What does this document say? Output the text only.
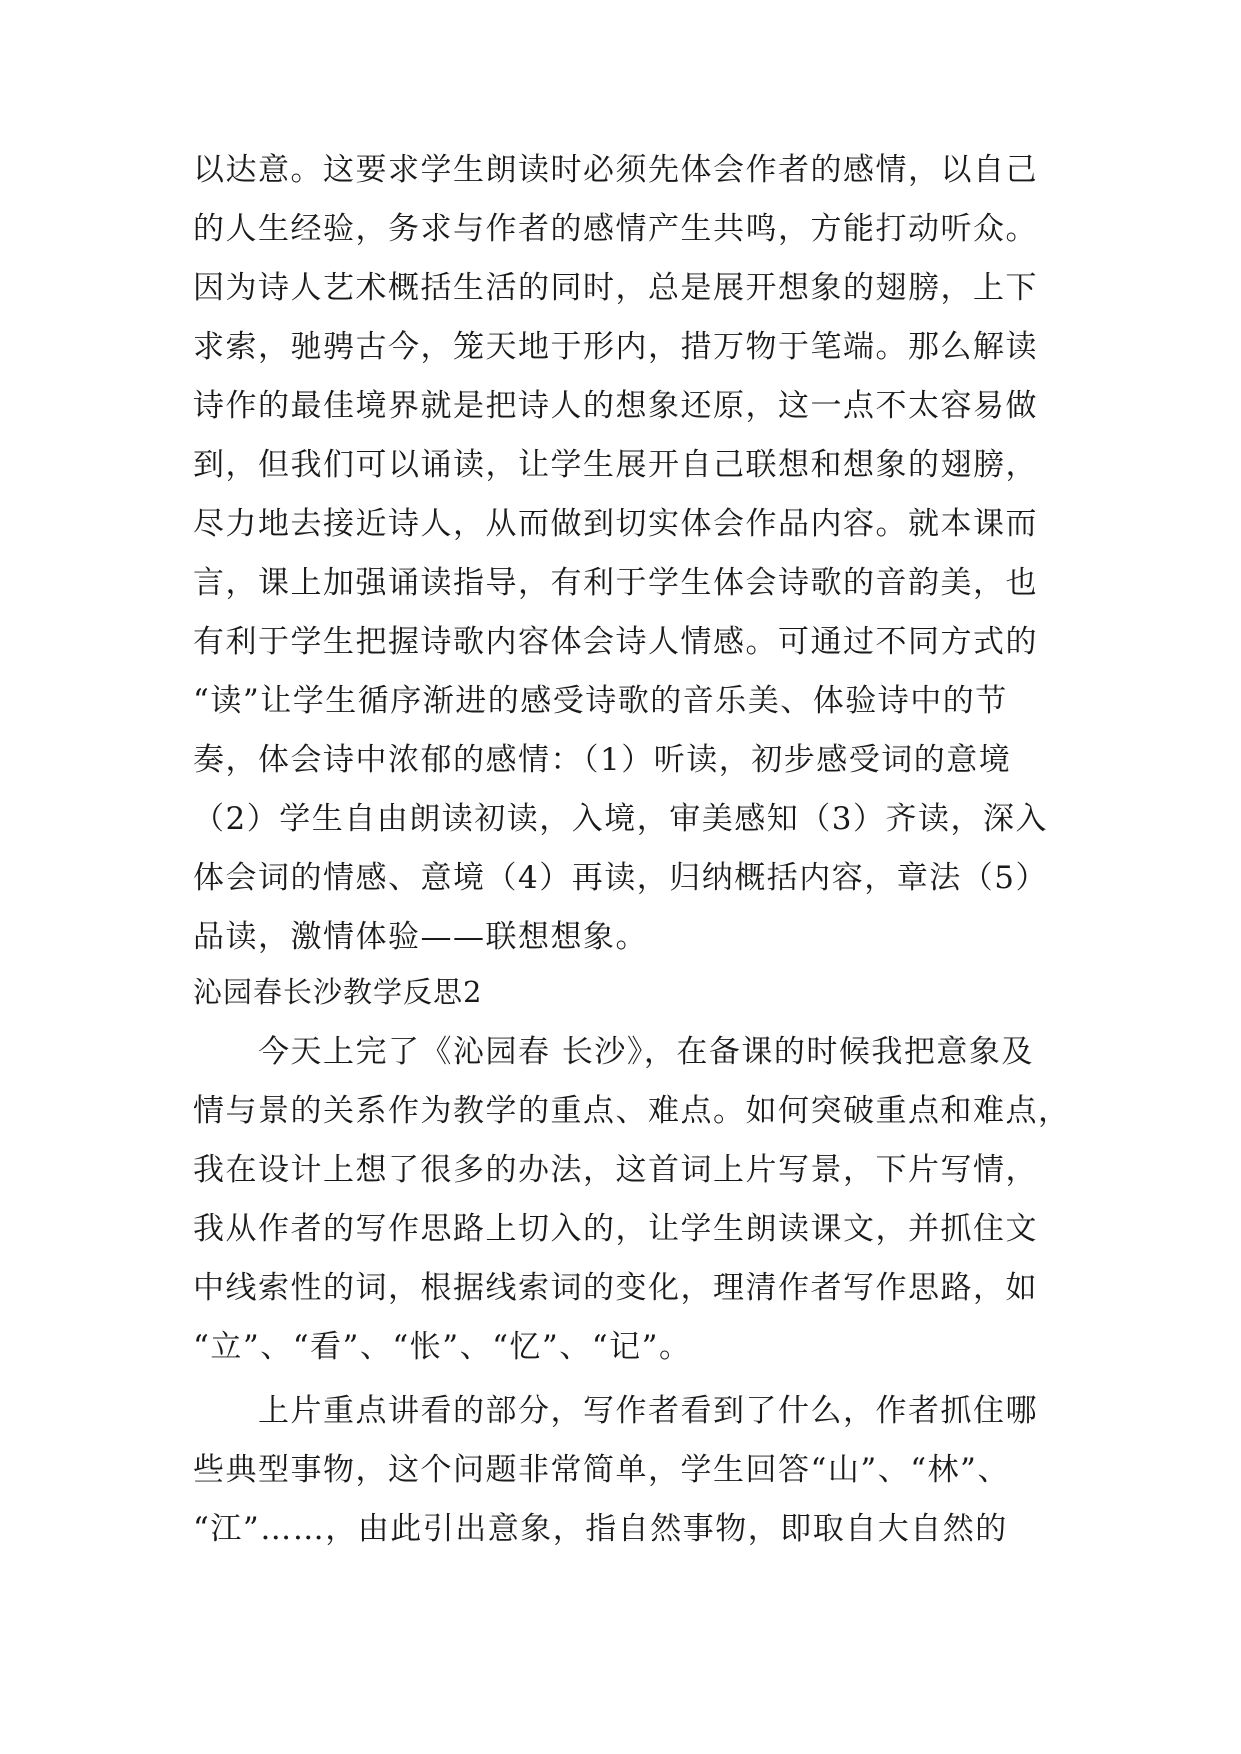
以达意。这要求学生朗读时必须先体会作者的感情，以自己
的人生经验，务求与作者的感情产生共鸣，方能打动听众。
因为诗人艺术概括生活的同时，总是展开想象的翅膀，上下
求索，驰骋古今，笼天地于形内，措万物于笔端。那么解读
诗作的最佳境界就是把诗人的想象还原，这一点不太容易做
到，但我们可以诵读，让学生展开自己联想和想象的翅膀，
尽力地去接近诗人，从而做到切实体会作品内容。就本课而
言，课上加强诵读指导，有利于学生体会诗歌的音韵美，也
有利于学生把握诗歌内容体会诗人情感。可通过不同方式的
“读”让学生循序渐进的感受诗歌的音乐美、体验诗中的节
奏，体会诗中浓郁的感情：（1）听读，初步感受词的意境
（2）学生自由朗读初读，入境，审美感知（3）齐读，深入
体会词的情感、意境（4）再读，归纳概括内容，章法（5）
品读，激情体验——联想想象。
沁园春长沙教学反思2
　　今天上完了《沁园春 长沙》，在备课的时候我把意象及
情与景的关系作为教学的重点、难点。如何突破重点和难点，
我在设计上想了很多的办法，这首词上片写景，下片写情，
我从作者的写作思路上切入的，让学生朗读课文，并抓住文
中线索性的词，根据线索词的变化，理清作者写作思路，如
“立”、“看”、“怅”、“忆”、“记”。
　　上片重点讲看的部分，写作者看到了什么，作者抓住哪
些典型事物，这个问题非常简单，学生回答“山”、“林”、
“江”……，由此引出意象，指自然事物，即取自大自然的
